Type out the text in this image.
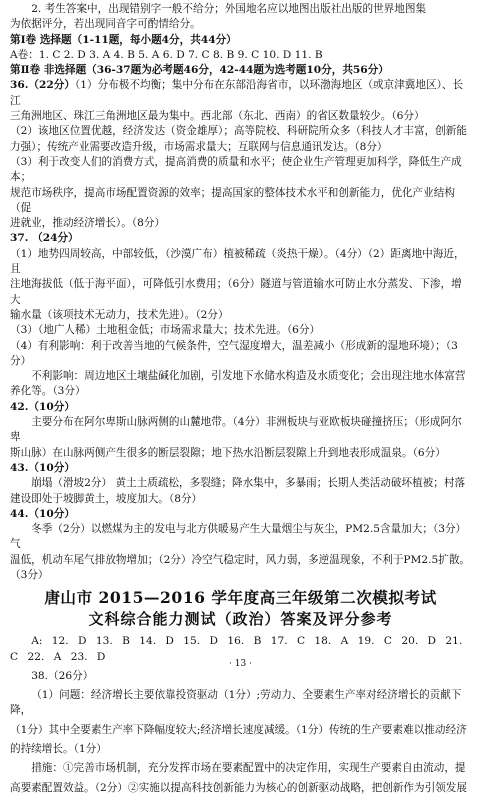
2. 考生答案中，出现错别字一般不给分；外国地名应以地图出版社出版的世界地图集

为依据评分，若出现同音字可酌情给分。

第Ⅰ卷 选择题（1-11题，每小题4分，共44分）

A卷：1. C 2. D 3. A 4. B 5. A 6. D 7. C 8. B 9. C 10. D 11. B

第Ⅱ卷 非选择题（36-37题为必考题46分，42-44题为选考题10分，共56分）

36.（22分）（1）分布极不均衡；集中分布在东部沿海省市，以环渤海地区（或京津冀地区）、长江

三角洲地区、珠江三角洲地区最为集中。西北部（东北、西南）的省区数量较少。（6分）

（2）该地区位置优越，经济发达（资金雄厚）；高等院校、科研院所众多（科技人才丰富，创新能

力强）；传统产业需要改造升级，市场需求量大；互联网与信息通讯发达。（8分）

（3）利于改变人们的消费方式，提高消费的质量和水平；使企业生产管理更加科学，降低生产成本；

规范市场秩序，提高市场配置资源的效率；提高国家的整体技术水平和创新能力，优化产业结构（促

进就业，推动经济增长）。（8分）

37. （24分）

（1）地势四周较高，中部较低，（沙漠广布）植被稀疏（炎热干燥）。（4分）（2）距离地中海近，且

注地海拔低（低于海平面），可降低引水费用；（6分）隧道与管道输水可防止水分蒸发、下渗，增大

输水量（该项技术无动力，技术先进）。（2分）

（3）（地广人稀）土地租金低；市场需求量大；技术先进。（6分）

（4）有利影响：利于改善当地的气候条件，空气湿度增大，温差减小（形成新的湿地环境）；（3分）

不利影响：周边地区土壤盐碱化加剧，引发地下水储水构造及水质变化；会出现注地水体富营

养化等。（3分）

42.（10分）

主要分布在阿尔卑斯山脉两侧的山麓地带。（4分）非洲板块与亚欧板块碰撞挤压；（形成阿尔卑

斯山脉）在山脉两侧产生很多的断层裂隙；地下热水沿断层裂隙上升到地表形成温泉。（6分）

43.（10分）

崩塌（滑坡2分） 黄土土质疏松，多裂缝；降水集中，多暴雨；长期人类活动破坏植被；村落

建设即处于坡脚黄土，坡度加大。（8分）

44.（10分）

冬季（2分）以燃煤为主的发电与北方供暖易产生大量烟尘与灰尘，PM2.5含量加大；（3分） 气

温低，机动车尾气排放物增加；（2分）冷空气稳定时，风力弱，多逆温现象，不利于PM2.5扩散。

（3分）

唐山市 2015—2016 学年度高三年级第二次模拟考试

文科综合能力测试（政治）答案及评分参考

A: 12. D 13. B 14. D 15. D 16. B 17. C 18. A 19. C 20. D 21. C 22. A 23. D

38.（26分）

（1）问题：经济增长主要依靠投资驱动（1分）;劳动力、全要素生产率对经济增长的贡献下降，

（1分）其中全要素生产率下降幅度较大;经济增长速度减缓。（1分）传统的生产要素难以推动经济

的持续增长。（1分）

措施：①完善市场机制，充分发挥市场在要素配置中的决定作用，实现生产要素自由流动，提

高要素配置效益。（2分）②实施以提高科技创新能力为核心的创新驱动战略，把创新作为引领发展

· 13 ·
